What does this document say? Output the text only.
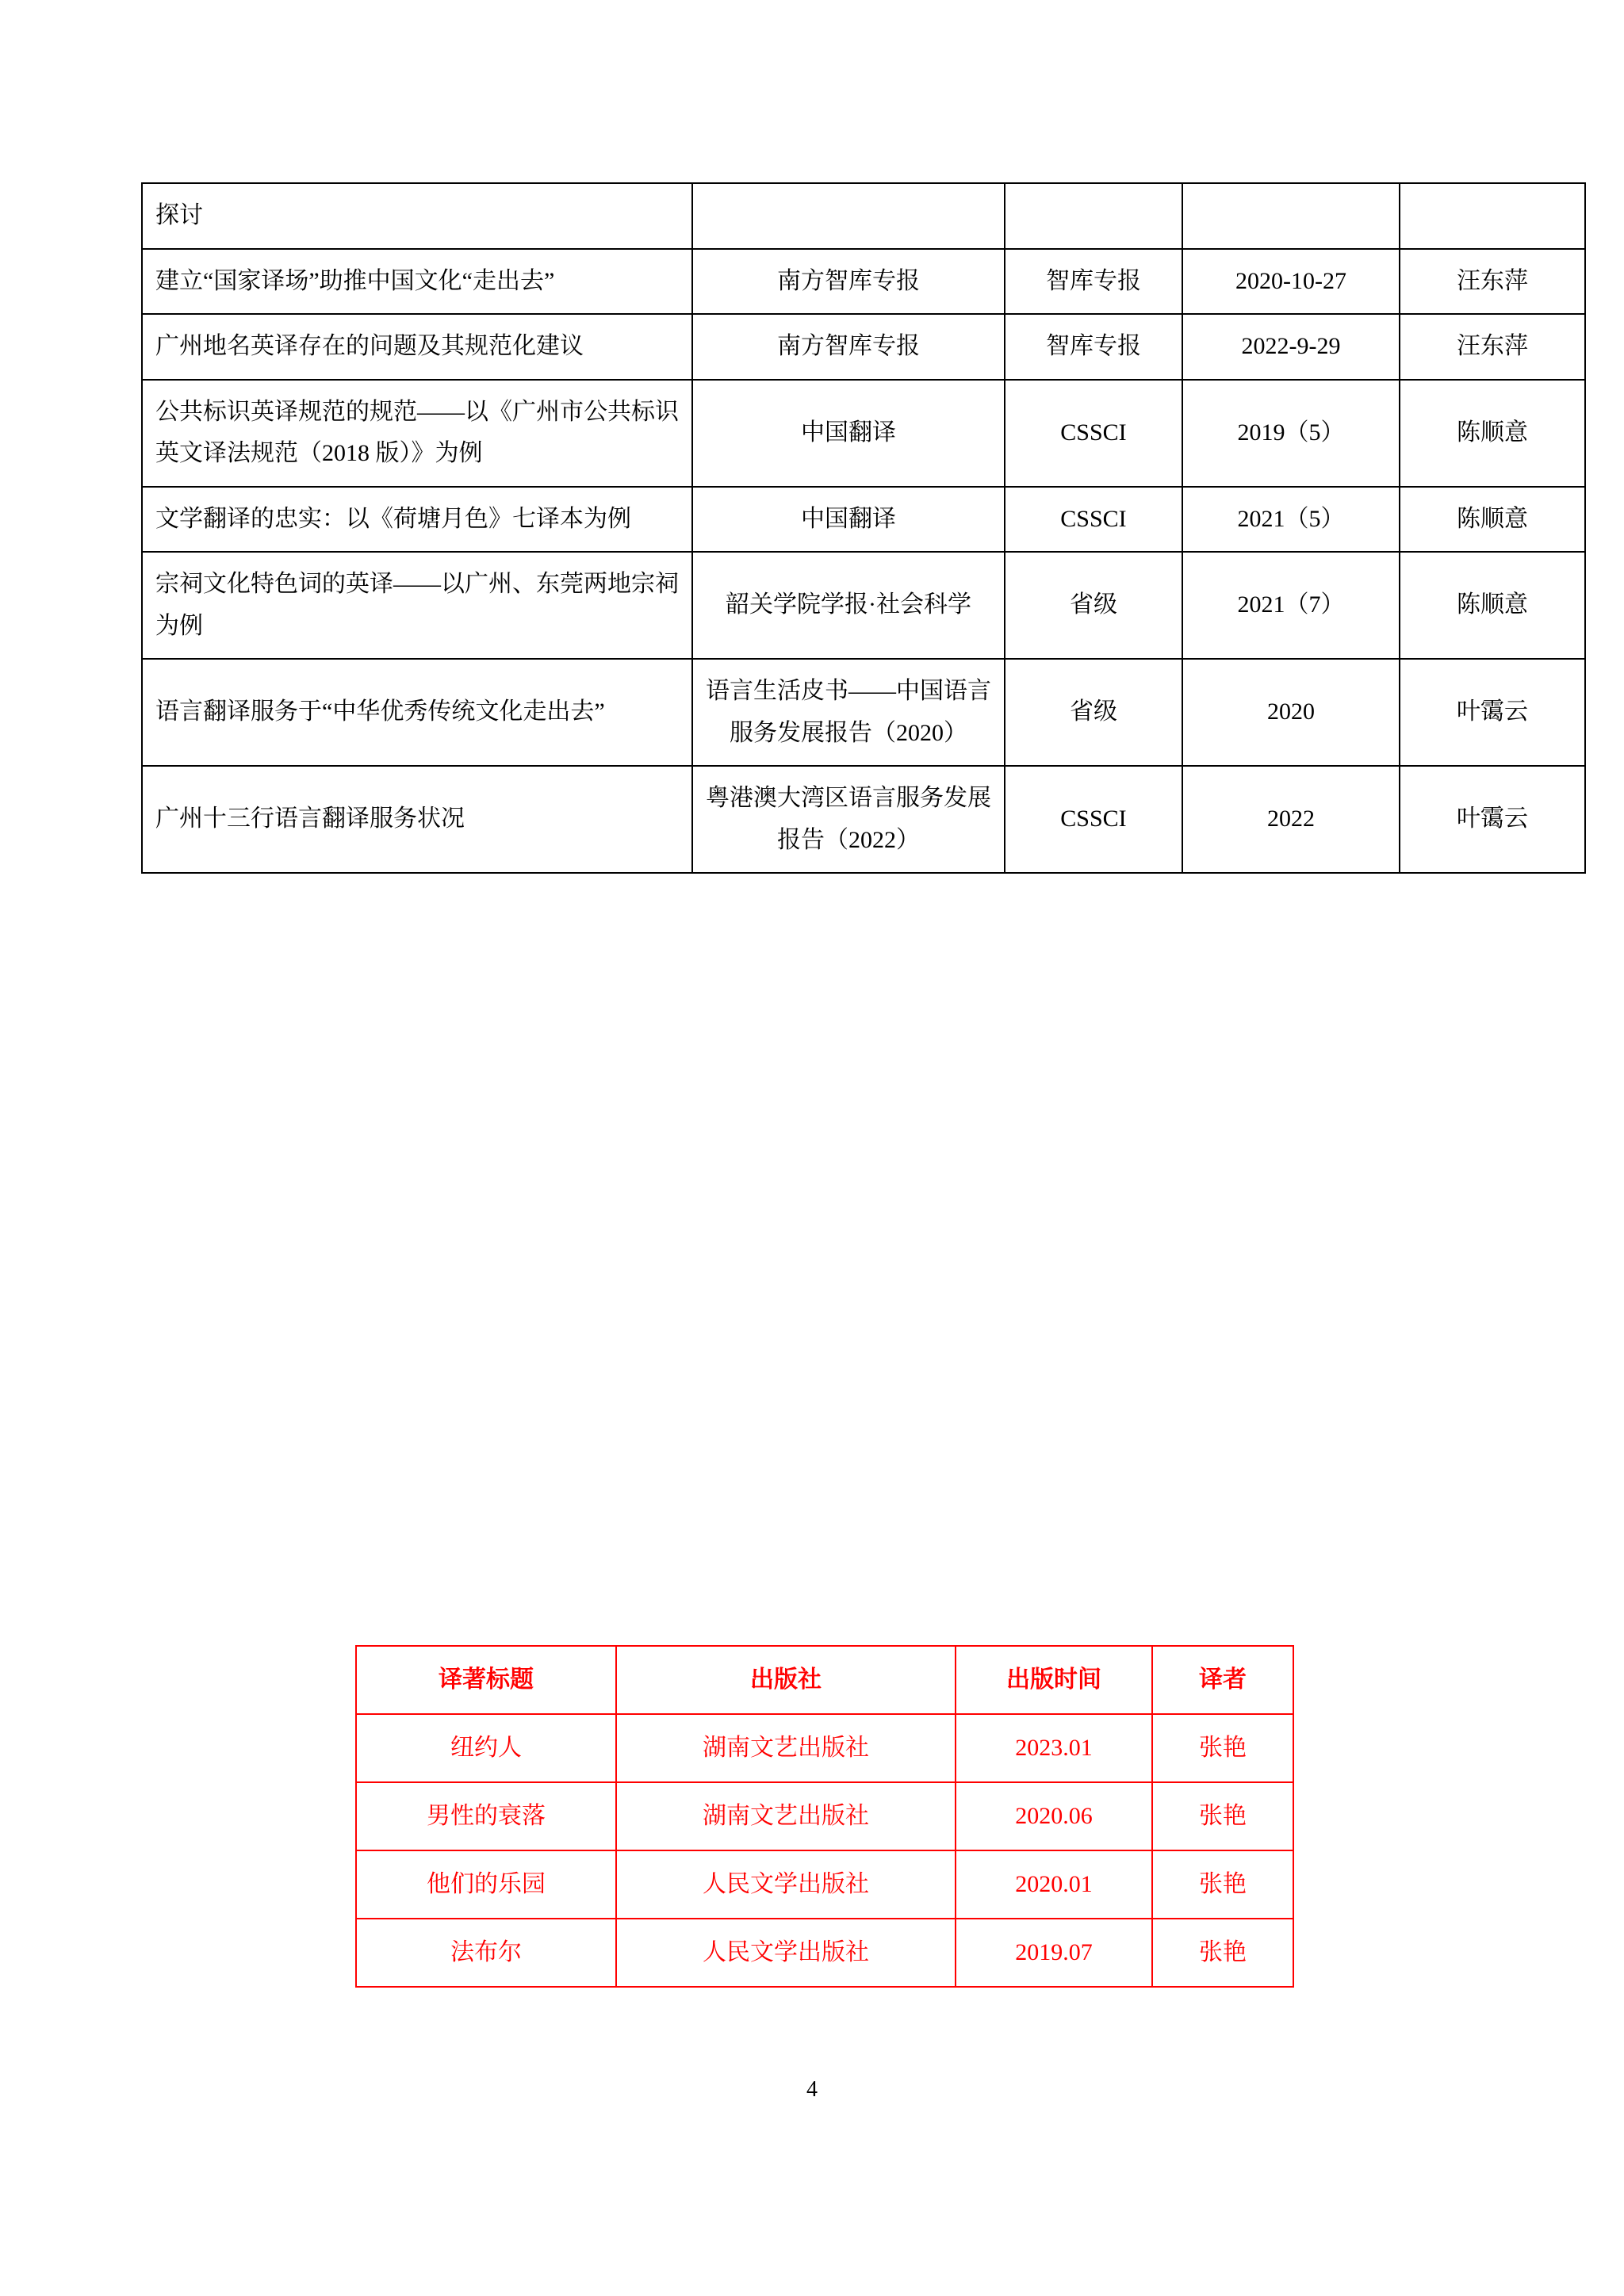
探讨				
建立“国家译场”助推中国文化“走出去”	南方智库专报	智库专报	2020-10-27	汪东萍
广州地名英译存在的问题及其规范化建议	南方智库专报	智库专报	2022-9-29	汪东萍
公共标识英译规范的规范——以《广州市公共标识英文译法规范（2018 版）》为例	中国翻译	CSSCI	2019（5）	陈顺意
文学翻译的忠实：以《荷塘月色》七译本为例	中国翻译	CSSCI	2021（5）	陈顺意
宗祠文化特色词的英译——以广州、东莞两地宗祠为例	韶关学院学报·社会科学	省级	2021（7）	陈顺意
语言翻译服务于“中华优秀传统文化走出去”	语言生活皮书——中国语言服务发展报告（2020）	省级	2020	叶霭云
广州十三行语言翻译服务状况	粤港澳大湾区语言服务发展报告（2022）	CSSCI	2022	叶霭云
译著标题	出版社	出版时间	译者
纽约人	湖南文艺出版社	2023.01	张艳
男性的衰落	湖南文艺出版社	2020.06	张艳
他们的乐园	人民文学出版社	2020.01	张艳
法布尔	人民文学出版社	2019.07	张艳
4
